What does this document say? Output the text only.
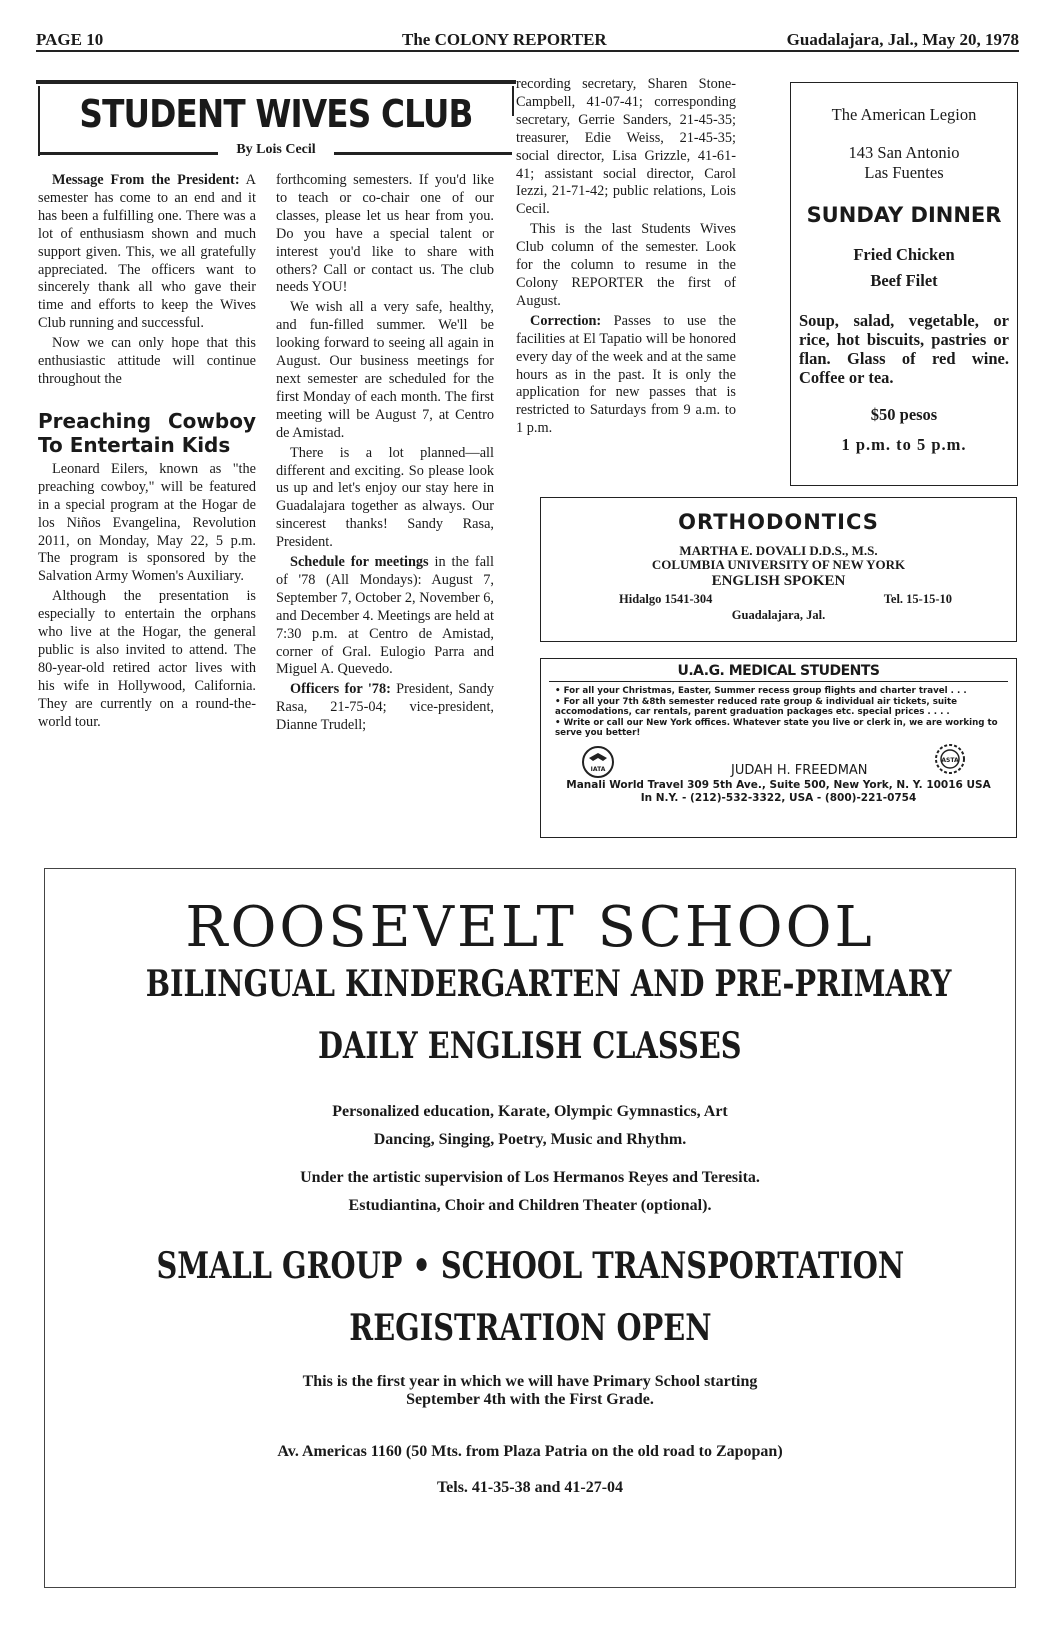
PAGE 10	The COLONY REPORTER	Guadalajara, Jal., May 20, 1978
STUDENT WIVES CLUB
By Lois Cecil

Message From the President: A semester has come to an end and it has been a fulfilling one. There was a lot of enthusiasm shown and much support given. This, we all gratefully appreciated. The officers want to sincerely thank all who gave their time and efforts to keep the Wives Club running and successful.

Now we can only hope that this enthusiastic attitude will continue throughout the

Preaching Cowboy To Entertain Kids

Leonard Eilers, known as "the preaching cowboy," will be featured in a special program at the Hogar de los Niños Evangelina, Revolution 2011, on Monday, May 22, 5 p.m. The program is sponsored by the Salvation Army Women's Auxiliary.

Although the presentation is especially to entertain the orphans who live at the Hogar, the general public is also invited to attend. The 80-year-old retired actor lives with his wife in Hollywood, California. They are currently on a round-the-world tour.

forthcoming semesters. If you'd like to teach or co-chair one of our classes, please let us hear from you. Do you have a special talent or interest you'd like to share with others? Call or contact us. The club needs YOU!

We wish all a very safe, healthy, and fun-filled summer. We'll be looking forward to seeing all again in August. Our business meetings for next semester are scheduled for the first Monday of each month. The first meeting will be August 7, at Centro de Amistad.

There is a lot planned—all different and exciting. So please look us up and let's enjoy our stay here in Guadalajara together as always. Our sincerest thanks! Sandy Rasa, President.

Schedule for meetings in the fall of '78 (All Mondays): August 7, September 7, October 2, November 6, and December 4. Meetings are held at 7:30 p.m. at Centro de Amistad, corner of Gral. Eulogio Parra and Miguel A. Quevedo.

Officers for '78: President, Sandy Rasa, 21-75-04; vice-president, Dianne Trudell;

recording secretary, Sharen Stone-Campbell, 41-07-41; corresponding secretary, Gerrie Sanders, 21-45-35; treasurer, Edie Weiss, 21-45-35; social director, Lisa Grizzle, 41-61-41; assistant social director, Carol Iezzi, 21-71-42; public relations, Lois Cecil.

This is the last Students Wives Club column of the semester. Look for the column to resume in the Colony REPORTER the first of August.

Correction: Passes to use the facilities at El Tapatio will be honored every day of the week and at the same hours as in the past. It is only the application for new passes that is restricted to Saturdays from 9 a.m. to 1 p.m.

The American Legion
143 San Antonio
Las Fuentes
SUNDAY DINNER
Fried Chicken
Beef Filet
Soup, salad, vegetable, or rice, hot biscuits, pastries or flan. Glass of red wine. Coffee or tea.
$50 pesos
1 p.m. to 5 p.m.
ORTHODONTICS
MARTHA E. DOVALI D.D.S., M.S.
COLUMBIA UNIVERSITY OF NEW YORK
ENGLISH SPOKEN
Hidalgo 1541-304	Tel. 15-15-10
Guadalajara, Jal.
U.A.G. MEDICAL STUDENTS
• For all your Christmas, Easter, Summer recess group flights and charter travel . . .
• For all your 7th &8th semester reduced rate group & individual air tickets, suite accomodations, car rentals, parent graduation packages etc. special prices . . . .
• Write or call our New York offices. Whatever state you live or clerk in, we are working to serve you better!
IATA	JUDAH H. FREEDMAN
ASTA
Manali World Travel 309 5th Ave., Suite 500, New York, N. Y. 10016 USA
In N.Y. - (212)-532-3322, USA - (800)-221-0754
ROOSEVELT SCHOOL
BILINGUAL KINDERGARTEN AND PRE-PRIMARY
DAILY ENGLISH CLASSES
Personalized education, Karate, Olympic Gymnastics, Art
Dancing, Singing, Poetry, Music and Rhythm.
Under the artistic supervision of Los Hermanos Reyes and Teresita.
Estudiantina, Choir and Children Theater (optional).
SMALL GROUP • SCHOOL TRANSPORTATION
REGISTRATION OPEN
This is the first year in which we will have Primary School starting
September 4th with the First Grade.
Av. Americas 1160 (50 Mts. from Plaza Patria on the old road to Zapopan)
Tels. 41-35-38 and 41-27-04
